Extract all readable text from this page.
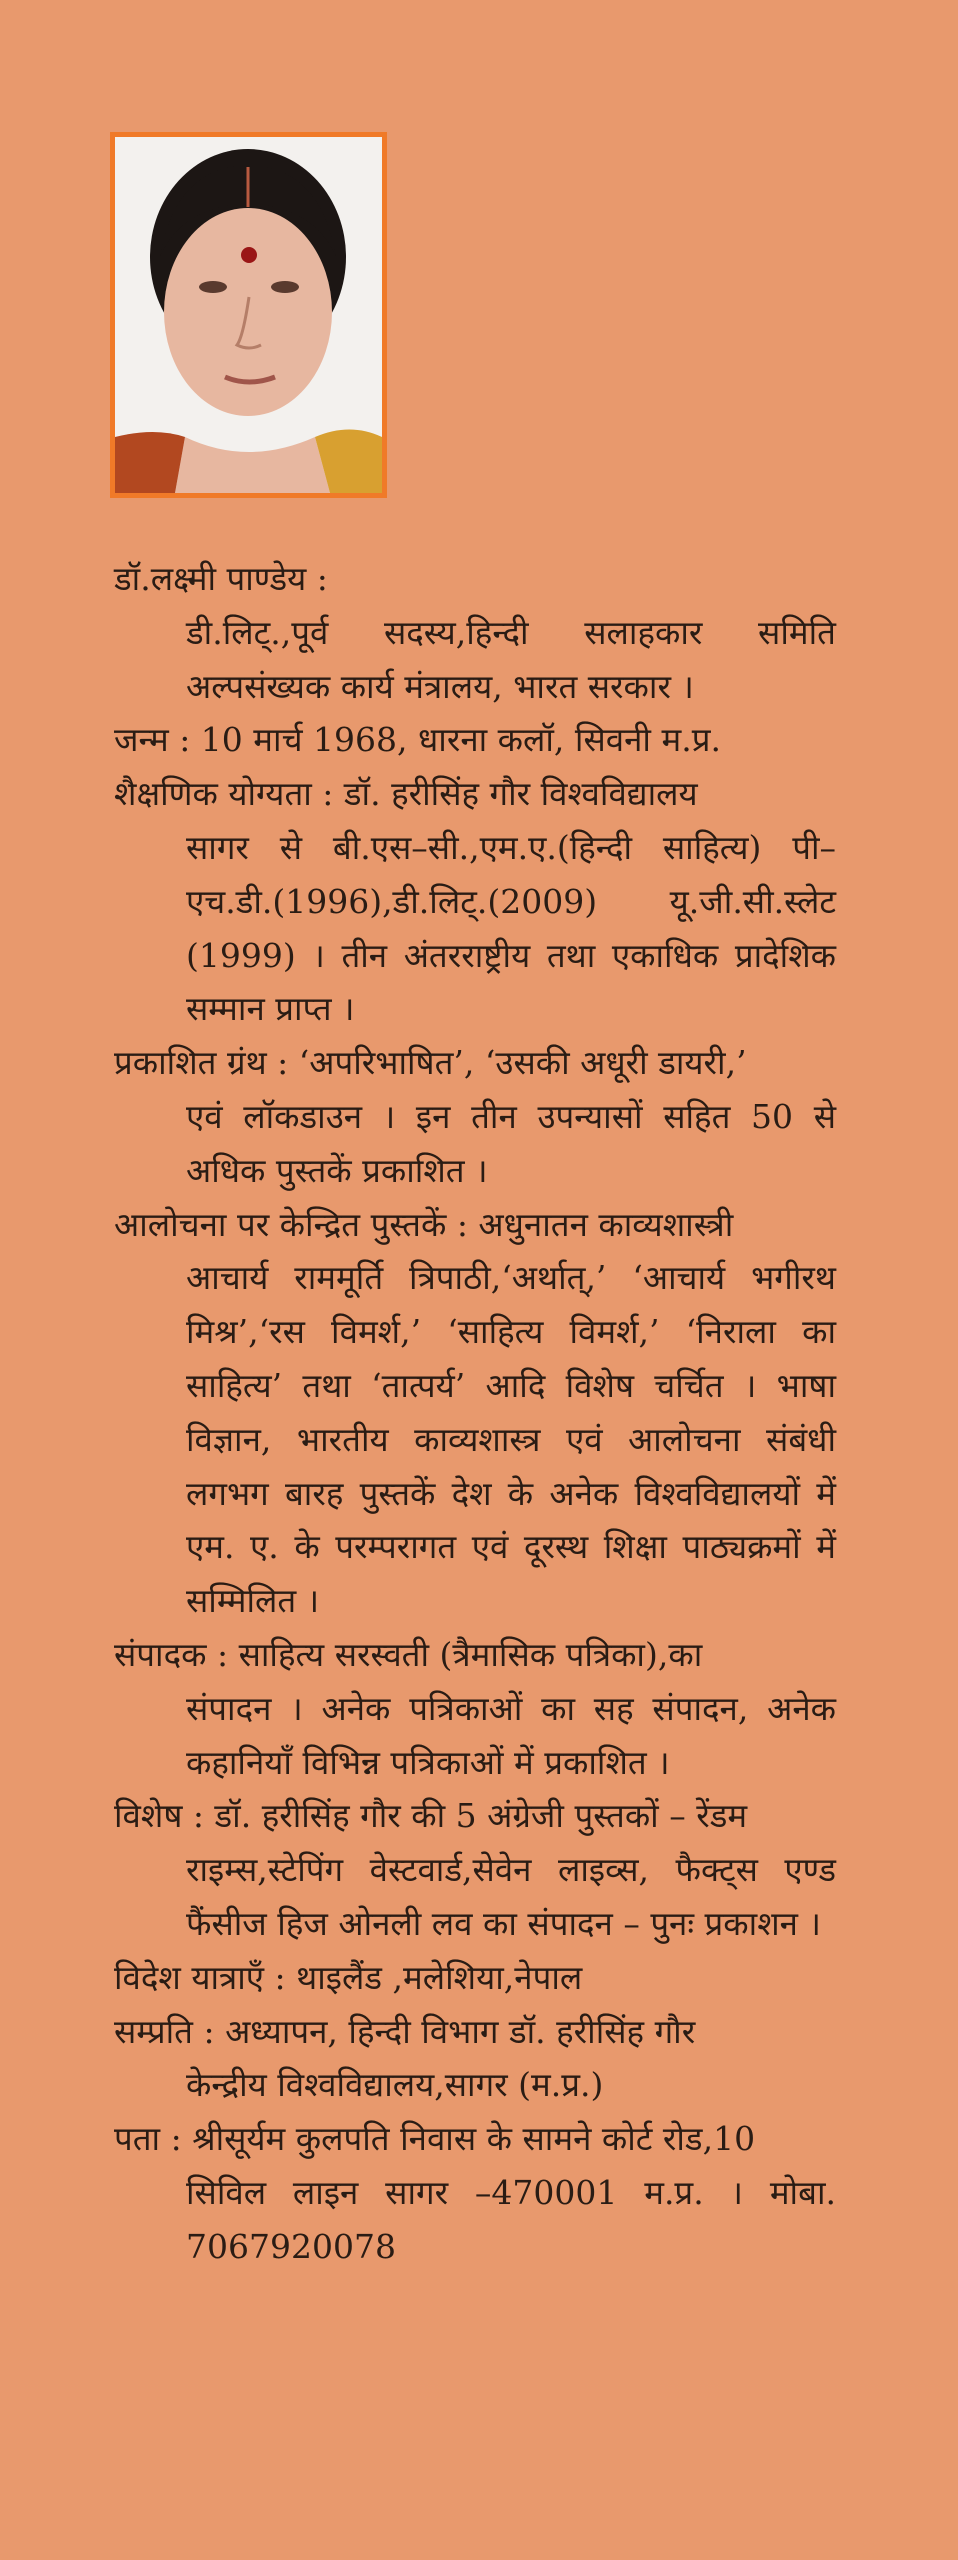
डॉ.लक्ष्मी पाण्डेय :
डी.लिट्.,पूर्व सदस्य,हिन्दी सलाहकार समिति अल्पसंख्यक कार्य मंत्रालय, भारत सरकार ।

जन्म : 10 मार्च 1968, धारना कलॉ, सिवनी म.प्र.

शैक्षणिक योग्यता : डॉ. हरीसिंह गौर विश्वविद्यालय
सागर से बी.एस–सी.,एम.ए.(हिन्दी साहित्य) पी–एच.डी.(1996),डी.लिट्.(2009) यू.जी.सी.स्लेट (1999) । तीन अंतरराष्ट्रीय तथा एकाधिक प्रादेशिक सम्मान प्राप्त ।

प्रकाशित ग्रंथ : ‘अपरिभाषित’, ‘उसकी अधूरी डायरी,’
एवं लॉकडाउन । इन तीन उपन्यासों सहित 50 से अधिक पुस्तकें प्रकाशित ।

आलोचना पर केन्द्रित पुस्तकें : अधुनातन काव्यशास्त्री
आचार्य राममूर्ति त्रिपाठी,‘अर्थात्,’ ‘आचार्य भगीरथ मिश्र’,‘रस विमर्श,’ ‘साहित्य विमर्श,’ ‘निराला का साहित्य’ तथा ‘तात्पर्य’ आदि विशेष चर्चित । भाषा विज्ञान, भारतीय काव्यशास्त्र एवं आलोचना संबंधी लगभग बारह पुस्तकें देश के अनेक विश्वविद्यालयों में एम. ए. के परम्परागत एवं दूरस्थ शिक्षा पाठ्यक्रमों में सम्मिलित ।

संपादक : साहित्य सरस्वती (त्रैमासिक पत्रिका),का
संपादन । अनेक पत्रिकाओं का सह संपादन, अनेक कहानियाँ विभिन्न पत्रिकाओं में प्रकाशित ।

विशेष : डॉ. हरीसिंह गौर की 5 अंग्रेजी पुस्तकों – रेंडम
राइम्स,स्टेपिंग वेस्टवार्ड,सेवेन लाइव्स, फैक्ट्स एण्ड फैंसीज हिज ओनली लव का संपादन – पुनः प्रकाशन ।

विदेश यात्राएँ : थाइलैंड ,मलेशिया,नेपाल

सम्प्रति : अध्यापन, हिन्दी विभाग डॉ. हरीसिंह गौर
केन्द्रीय विश्वविद्यालय,सागर (म.प्र.)

पता : श्रीसूर्यम कुलपति निवास के सामने कोर्ट रोड,10
सिविल लाइन सागर –470001 म.प्र. । मोबा. 7067920078
